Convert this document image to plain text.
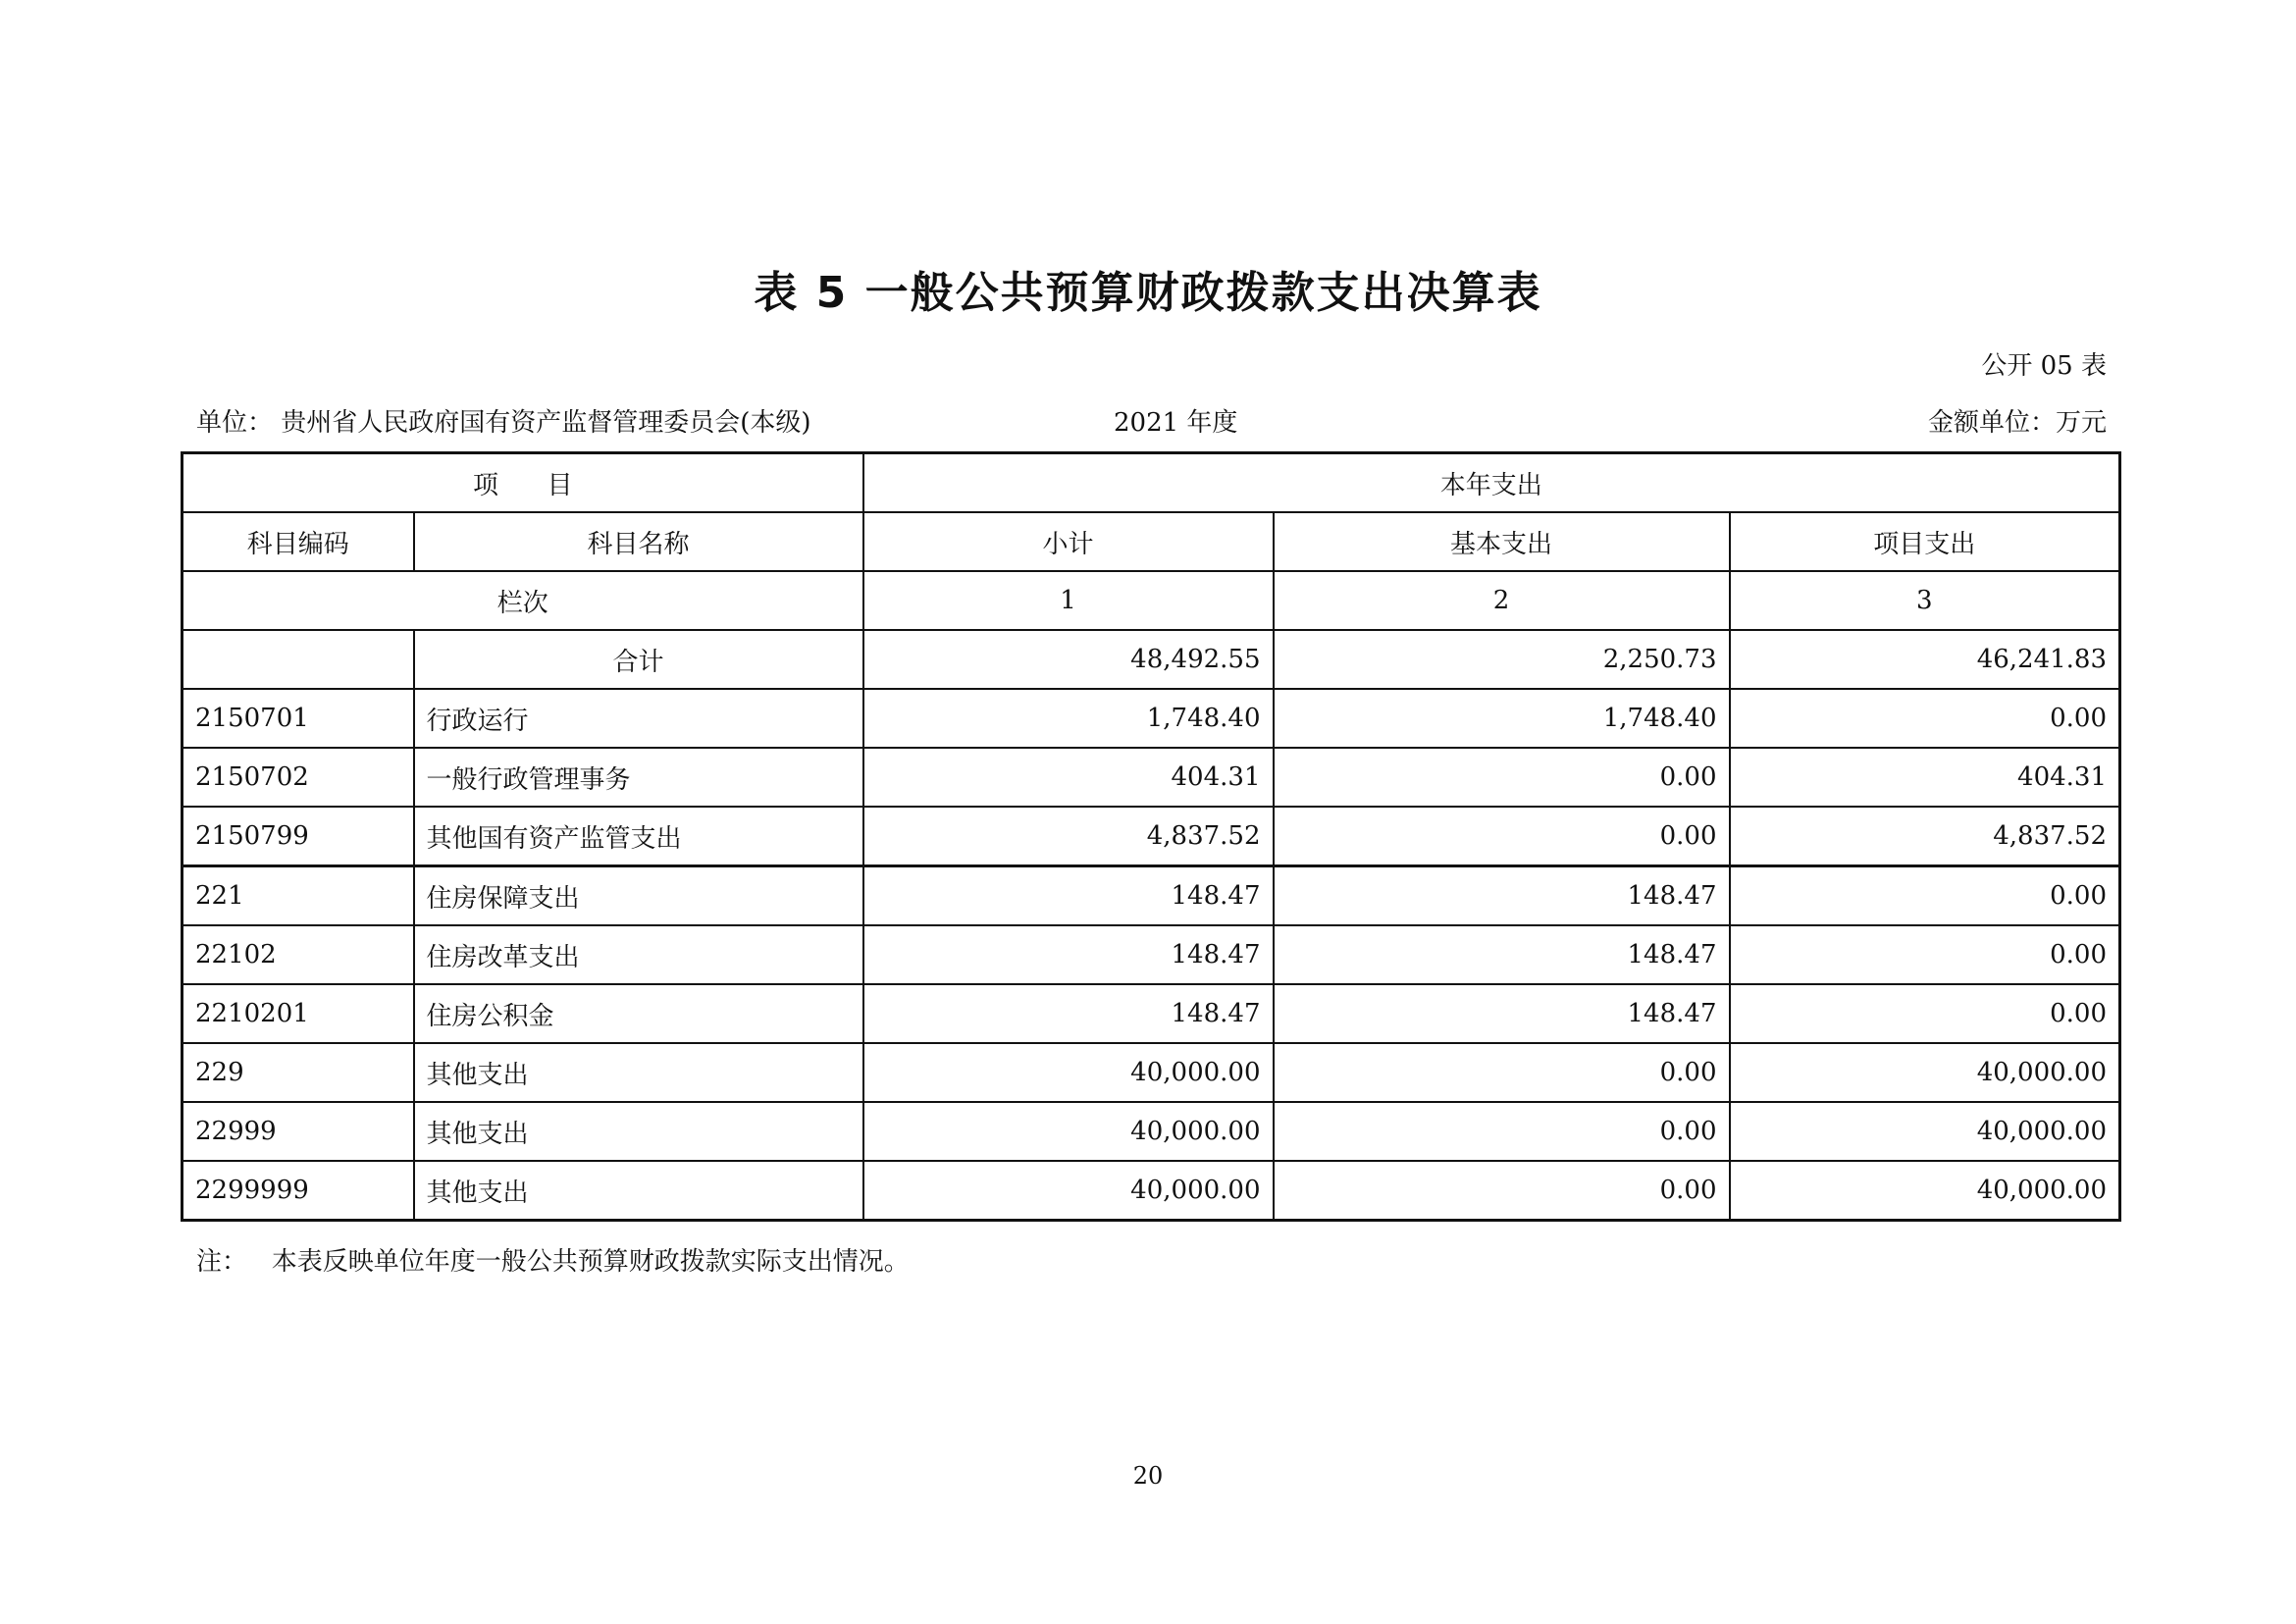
表 5 一般公共预算财政拨款支出决算表
公开 05 表
单位： 贵州省人民政府国有资产监督管理委员会(本级)	2021 年度	金额单位：万元
项      目		本年支出		
科目编码	科目名称	小计	基本支出	项目支出
栏次		1	2	3
	合计	48,492.55	2,250.73	46,241.83
2150701	行政运行	1,748.40	1,748.40	0.00
2150702	一般行政管理事务	404.31	0.00	404.31
2150799	其他国有资产监管支出	4,837.52	0.00	4,837.52
221	住房保障支出	148.47	148.47	0.00
22102	住房改革支出	148.47	148.47	0.00
2210201	住房公积金	148.47	148.47	0.00
229	其他支出	40,000.00	0.00	40,000.00
22999	其他支出	40,000.00	0.00	40,000.00
2299999	其他支出	40,000.00	0.00	40,000.00
注：   本表反映单位年度一般公共预算财政拨款实际支出情况。
20
